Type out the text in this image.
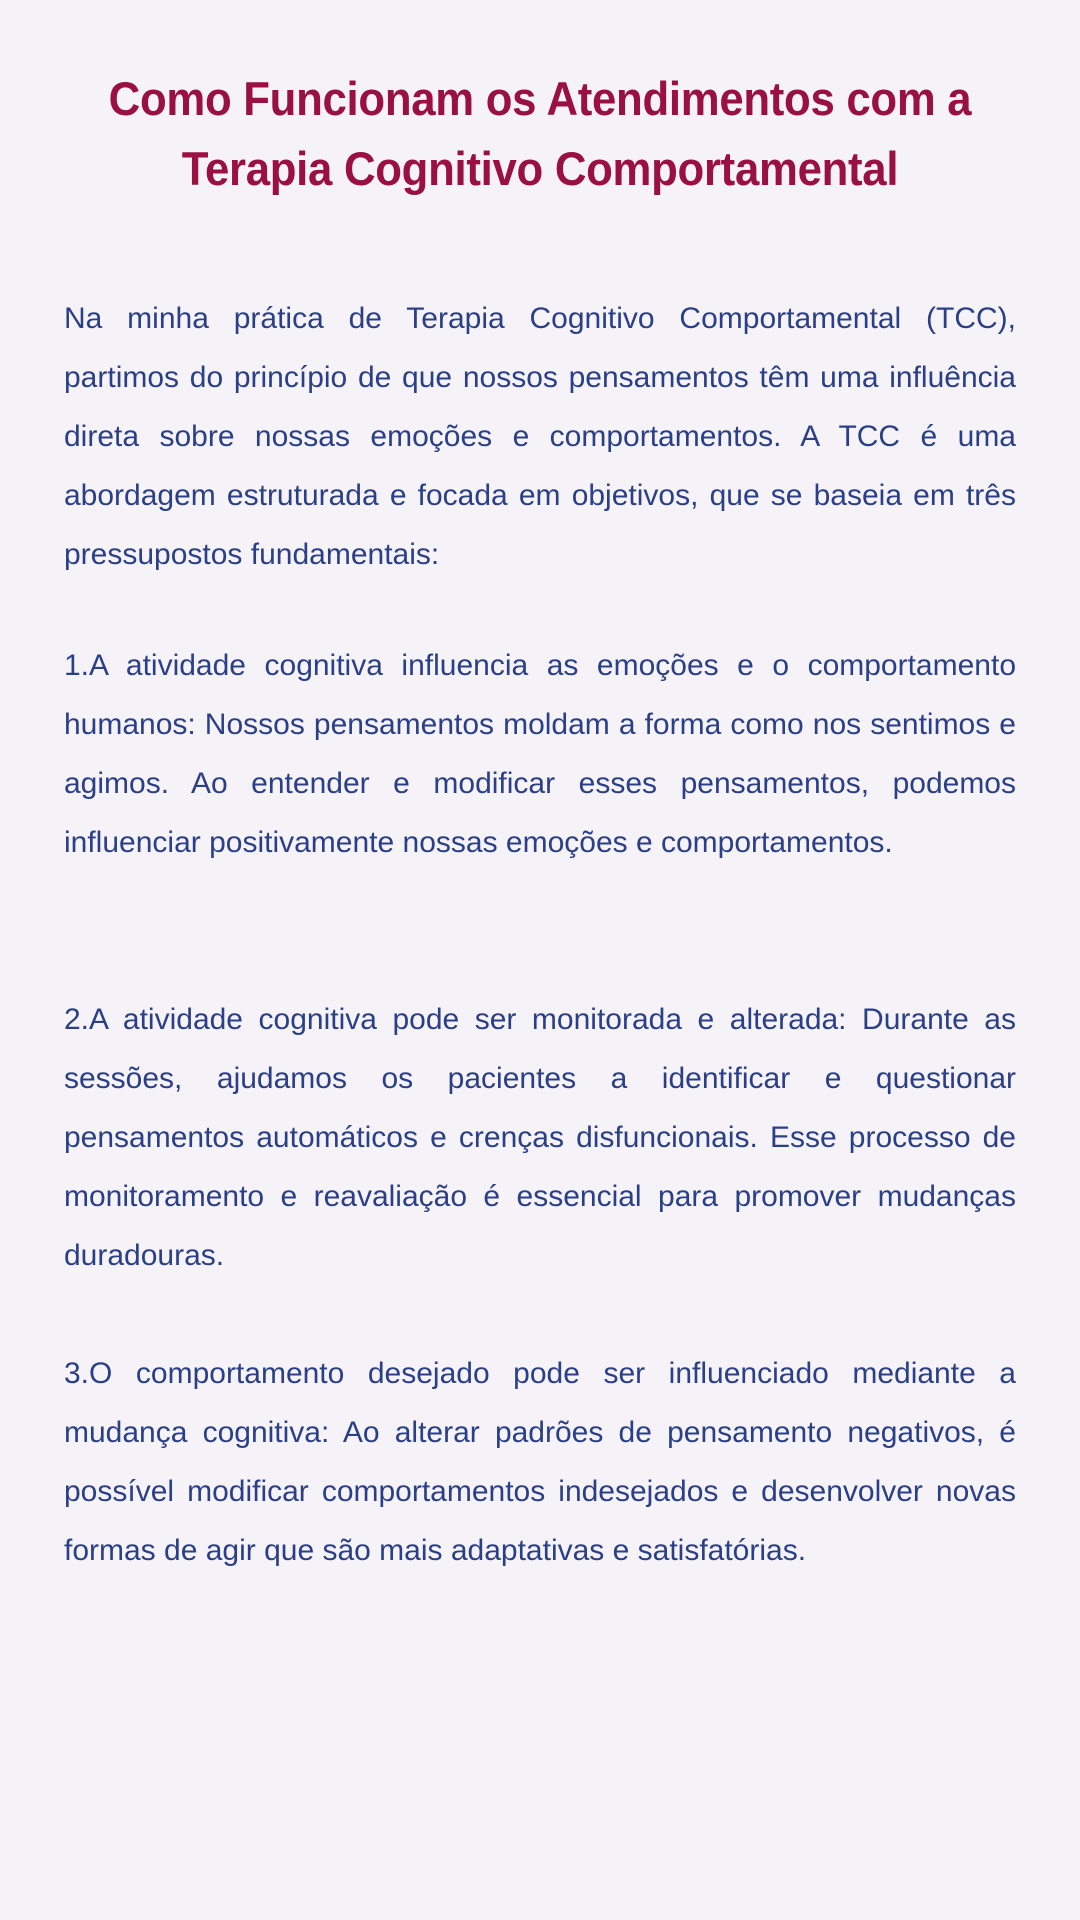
Como Funcionam os Atendimentos com a Terapia Cognitivo Comportamental

Na minha prática de Terapia Cognitivo Comportamental (TCC), partimos do princípio de que nossos pensamentos têm uma influência direta sobre nossas emoções e comportamentos. A TCC é uma abordagem estruturada e focada em objetivos, que se baseia em três pressupostos fundamentais:

1.A atividade cognitiva influencia as emoções e o comportamento humanos: Nossos pensamentos moldam a forma como nos sentimos e agimos. Ao entender e modificar esses pensamentos, podemos influenciar positivamente nossas emoções e comportamentos.

2.A atividade cognitiva pode ser monitorada e alterada: Durante as sessões, ajudamos os pacientes a identificar e questionar pensamentos automáticos e crenças disfuncionais. Esse processo de monitoramento e reavaliação é essencial para promover mudanças duradouras.

3.O comportamento desejado pode ser influenciado mediante a mudança cognitiva: Ao alterar padrões de pensamento negativos, é possível modificar comportamentos indesejados e desenvolver novas formas de agir que são mais adaptativas e satisfatórias.
